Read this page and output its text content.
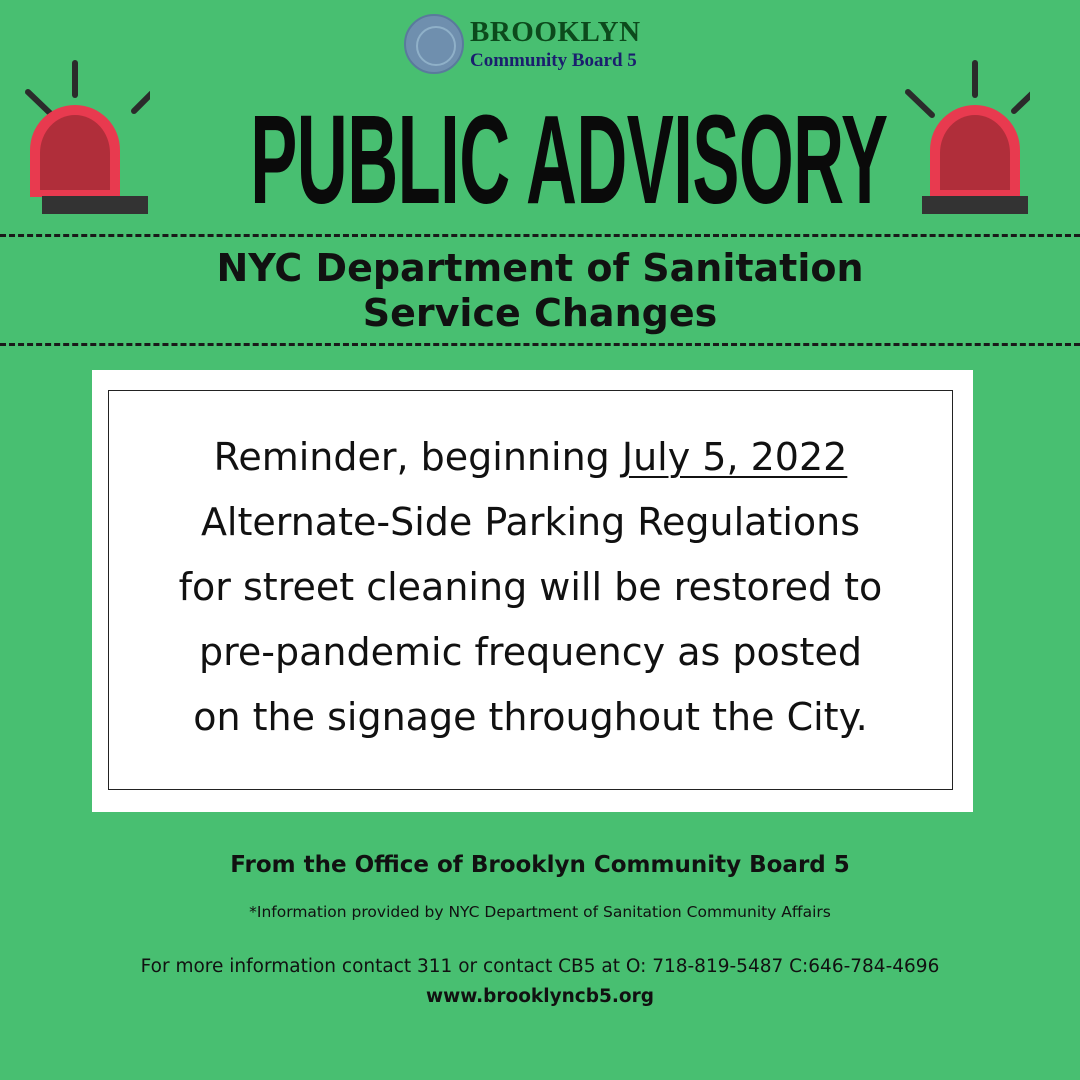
BROOKLYN
Community Board 5
PUBLIC ADVISORY
NYC Department of Sanitation
Service Changes
Reminder, beginning July 5, 2022
Alternate-Side Parking Regulations
for street cleaning will be restored to
pre-pandemic frequency as posted
on the signage throughout the City.
From the Office of Brooklyn Community Board 5
*Information provided by NYC Department of Sanitation Community Affairs
For more information contact 311 or contact CB5 at O: 718-819-5487 C:646-784-4696
www.brooklyncb5.org
